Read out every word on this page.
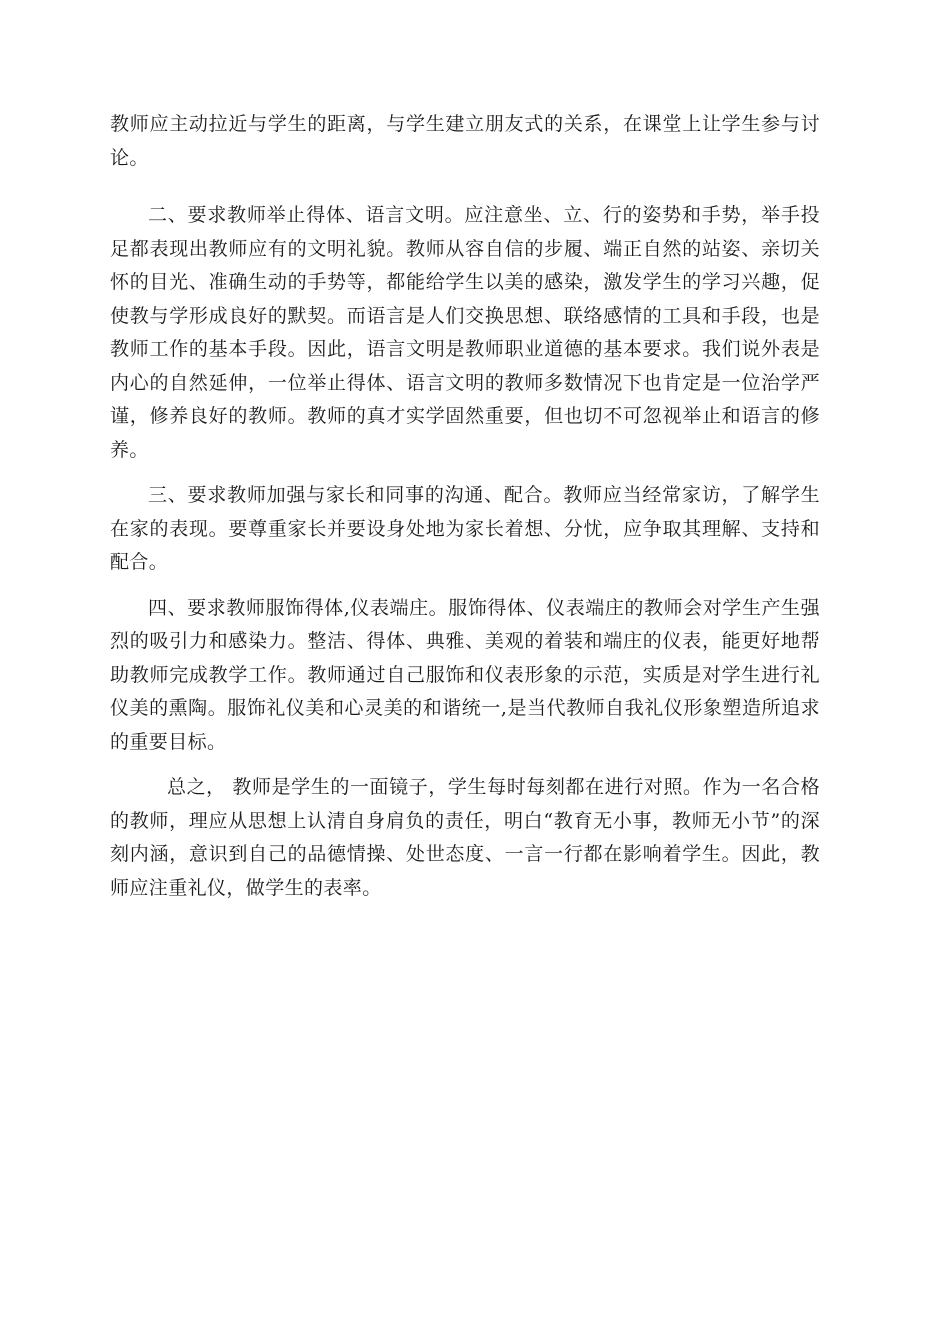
教师应主动拉近与学生的距离，与学生建立朋友式的关系，在课堂上让学生参与讨论。

二、要求教师举止得体、语言文明。应注意坐、立、行的姿势和手势，举手投足都表现出教师应有的文明礼貌。教师从容自信的步履、端正自然的站姿、亲切关怀的目光、准确生动的手势等，都能给学生以美的感染，激发学生的学习兴趣，促使教与学形成良好的默契。而语言是人们交换思想、联络感情的工具和手段，也是教师工作的基本手段。因此，语言文明是教师职业道德的基本要求。我们说外表是内心的自然延伸，一位举止得体、语言文明的教师多数情况下也肯定是一位治学严谨，修养良好的教师。教师的真才实学固然重要，但也切不可忽视举止和语言的修养。

三、要求教师加强与家长和同事的沟通、配合。教师应当经常家访，了解学生在家的表现。要尊重家长并要设身处地为家长着想、分忧，应争取其理解、支持和配合。

四、要求教师服饰得体,仪表端庄。服饰得体、仪表端庄的教师会对学生产生强烈的吸引力和感染力。整洁、得体、典雅、美观的着装和端庄的仪表，能更好地帮助教师完成教学工作。教师通过自己服饰和仪表形象的示范，实质是对学生进行礼仪美的熏陶。服饰礼仪美和心灵美的和谐统一,是当代教师自我礼仪形象塑造所追求的重要目标。

总之， 教师是学生的一面镜子，学生每时每刻都在进行对照。作为一名合格的教师，理应从思想上认清自身肩负的责任，明白“教育无小事，教师无小节”的深刻内涵，意识到自己的品德情操、处世态度、一言一行都在影响着学生。因此，教师应注重礼仪，做学生的表率。
